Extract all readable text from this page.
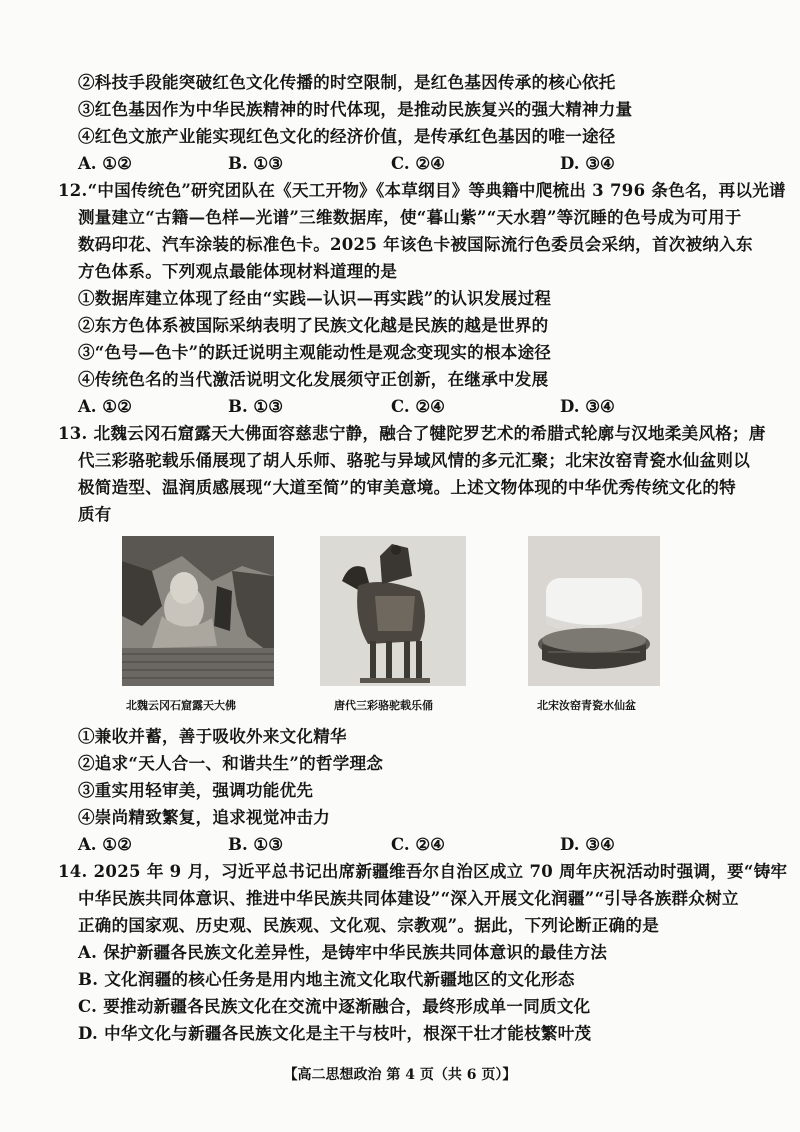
②科技手段能突破红色文化传播的时空限制，是红色基因传承的核心依托
③红色基因作为中华民族精神的时代体现，是推动民族复兴的强大精神力量
④红色文旅产业能实现红色文化的经济价值，是传承红色基因的唯一途径
A. ①②	B. ①③	C. ②④	D. ③④
12.“中国传统色”研究团队在《天工开物》《本草纲目》等典籍中爬梳出 3 796 条色名，再以光谱
测量建立“古籍—色样—光谱”三维数据库，使“暮山紫”“天水碧”等沉睡的色号成为可用于
数码印花、汽车涂装的标准色卡。2025 年该色卡被国际流行色委员会采纳，首次被纳入东
方色体系。下列观点最能体现材料道理的是
①数据库建立体现了经由“实践—认识—再实践”的认识发展过程
②东方色体系被国际采纳表明了民族文化越是民族的越是世界的
③“色号—色卡”的跃迁说明主观能动性是观念变现实的根本途径
④传统色名的当代激活说明文化发展须守正创新，在继承中发展
A. ①②	B. ①③	C. ②④	D. ③④
13. 北魏云冈石窟露天大佛面容慈悲宁静，融合了犍陀罗艺术的希腊式轮廓与汉地柔美风格；唐
代三彩骆驼载乐俑展现了胡人乐师、骆驼与异域风情的多元汇聚；北宋汝窑青瓷水仙盆则以
极简造型、温润质感展现“大道至简”的审美意境。上述文物体现的中华优秀传统文化的特
质有
北魏云冈石窟露天大佛	唐代三彩骆驼载乐俑	北宋汝窑青瓷水仙盆
①兼收并蓄，善于吸收外来文化精华
②追求“天人合一、和谐共生”的哲学理念
③重实用轻审美，强调功能优先
④崇尚精致繁复，追求视觉冲击力
A. ①②	B. ①③	C. ②④	D. ③④
14. 2025 年 9 月，习近平总书记出席新疆维吾尔自治区成立 70 周年庆祝活动时强调，要“铸牢
中华民族共同体意识、推进中华民族共同体建设”“深入开展文化润疆”“引导各族群众树立
正确的国家观、历史观、民族观、文化观、宗教观”。据此，下列论断正确的是
A. 保护新疆各民族文化差异性，是铸牢中华民族共同体意识的最佳方法
B. 文化润疆的核心任务是用内地主流文化取代新疆地区的文化形态
C. 要推动新疆各民族文化在交流中逐渐融合，最终形成单一同质文化
D. 中华文化与新疆各民族文化是主干与枝叶，根深干壮才能枝繁叶茂
【高二思想政治 第 4 页（共 6 页）】
